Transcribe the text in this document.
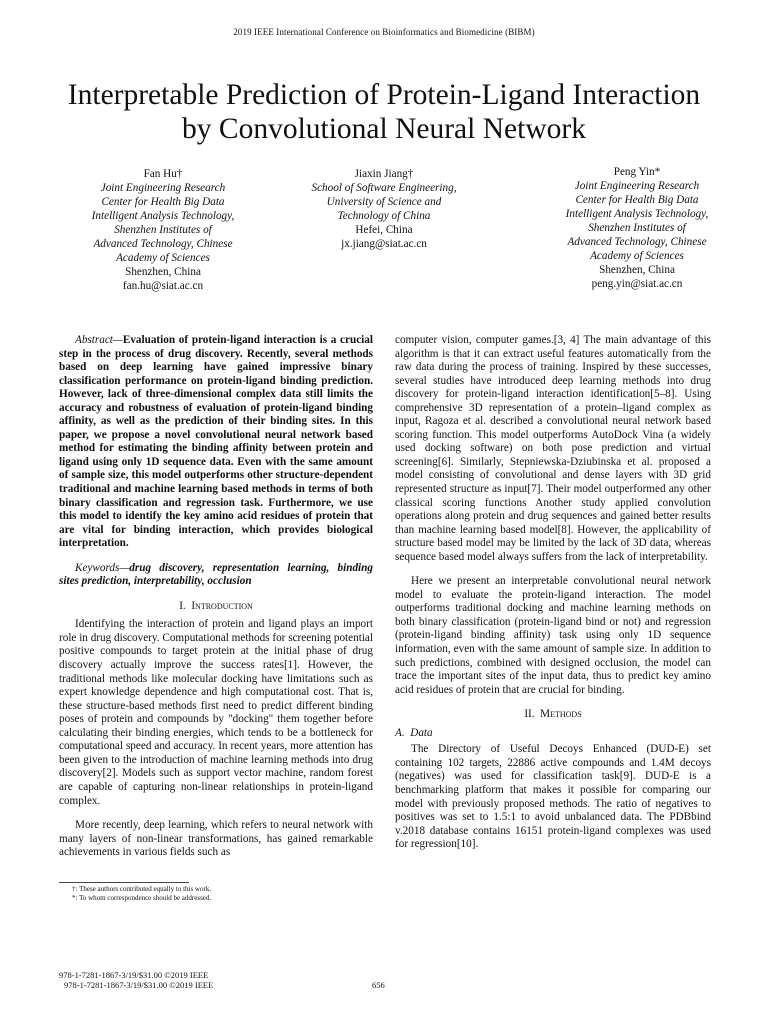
2019 IEEE International Conference on Bioinformatics and Biomedicine (BIBM)
Interpretable Prediction of Protein-Ligand Interaction
by Convolutional Neural Network
Fan Hu†
Joint Engineering Research
Center for Health Big Data
Intelligent Analysis Technology,
Shenzhen Institutes of
Advanced Technology, Chinese
Academy of Sciences
Shenzhen, China
fan.hu@siat.ac.cn
Jiaxin Jiang†
School of Software Engineering,
University of Science and
Technology of China
Hefei, China
jx.jiang@siat.ac.cn
Peng Yin*
Joint Engineering Research
Center for Health Big Data
Intelligent Analysis Technology,
Shenzhen Institutes of
Advanced Technology, Chinese
Academy of Sciences
Shenzhen, China
peng.yin@siat.ac.cn

Abstract—Evaluation of protein-ligand interaction is a crucial step in the process of drug discovery. Recently, several methods based on deep learning have gained impressive binary classification performance on protein-ligand binding prediction. However, lack of three-dimensional complex data still limits the accuracy and robustness of evaluation of protein-ligand binding affinity, as well as the prediction of their binding sites. In this paper, we propose a novel convolutional neural network based method for estimating the binding affinity between protein and ligand using only 1D sequence data. Even with the same amount of sample size, this model outperforms other structure-dependent traditional and machine learning based methods in terms of both binary classification and regression task. Furthermore, we use this model to identify the key amino acid residues of protein that are vital for binding interaction, which provides biological interpretation.

Keywords—drug discovery, representation learning, binding sites prediction, interpretability, occlusion

I. Introduction

Identifying the interaction of protein and ligand plays an import role in drug discovery. Computational methods for screening potential positive compounds to target protein at the initial phase of drug discovery actually improve the success rates[1]. However, the traditional methods like molecular docking have limitations such as expert knowledge dependence and high computational cost. That is, these structure-based methods first need to predict different binding poses of protein and compounds by "docking" them together before calculating their binding energies, which tends to be a bottleneck for computational speed and accuracy. In recent years, more attention has been given to the introduction of machine learning methods into drug discovery[2]. Models such as support vector machine, random forest are capable of capturing non-linear relationships in protein-ligand complex.

More recently, deep learning, which refers to neural network with many layers of non-linear transformations, has gained remarkable achievements in various fields such as

computer vision, computer games.[3, 4] The main advantage of this algorithm is that it can extract useful features automatically from the raw data during the process of training. Inspired by these successes, several studies have introduced deep learning methods into drug discovery for protein-ligand interaction identification[5–8]. Using comprehensive 3D representation of a protein–ligand complex as input, Ragoza et al. described a convolutional neural network based scoring function. This model outperforms AutoDock Vina (a widely used docking software) on both pose prediction and virtual screening[6]. Similarly, Stepniewska-Dziubinska et al. proposed a model consisting of convolutional and dense layers with 3D grid represented structure as input[7]. Their model outperformed any other classical scoring functions Another study applied convolution operations along protein and drug sequences and gained better results than machine learning based model[8]. However, the applicability of structure based model may be limited by the lack of 3D data, whereas sequence based model always suffers from the lack of interpretability.

Here we present an interpretable convolutional neural network model to evaluate the protein-ligand interaction. The model outperforms traditional docking and machine learning methods on both binary classification (protein-ligand bind or not) and regression (protein-ligand binding affinity) task using only 1D sequence information, even with the same amount of sample size. In addition to such predictions, combined with designed occlusion, the model can trace the important sites of the input data, thus to predict key amino acid residues of protein that are crucial for binding.

II. Methods

A. Data

The Directory of Useful Decoys Enhanced (DUD-E) set containing 102 targets, 22886 active compounds and 1.4M decoys (negatives) was used for classification task[9]. DUD-E is a benchmarking platform that makes it possible for comparing our model with previously proposed methods. The ratio of negatives to positives was set to 1.5:1 to avoid unbalanced data. The PDBbind v.2018 database contains 16151 protein-ligand complexes was used for regression[10].

†: These authors contributed equally to this work.
*: To whom correspondence should be addressed.
978-1-7281-1867-3/19/$31.00 ©2019 IEEE
978-1-7281-1867-3/19/$31.00 ©2019 IEEE	656
